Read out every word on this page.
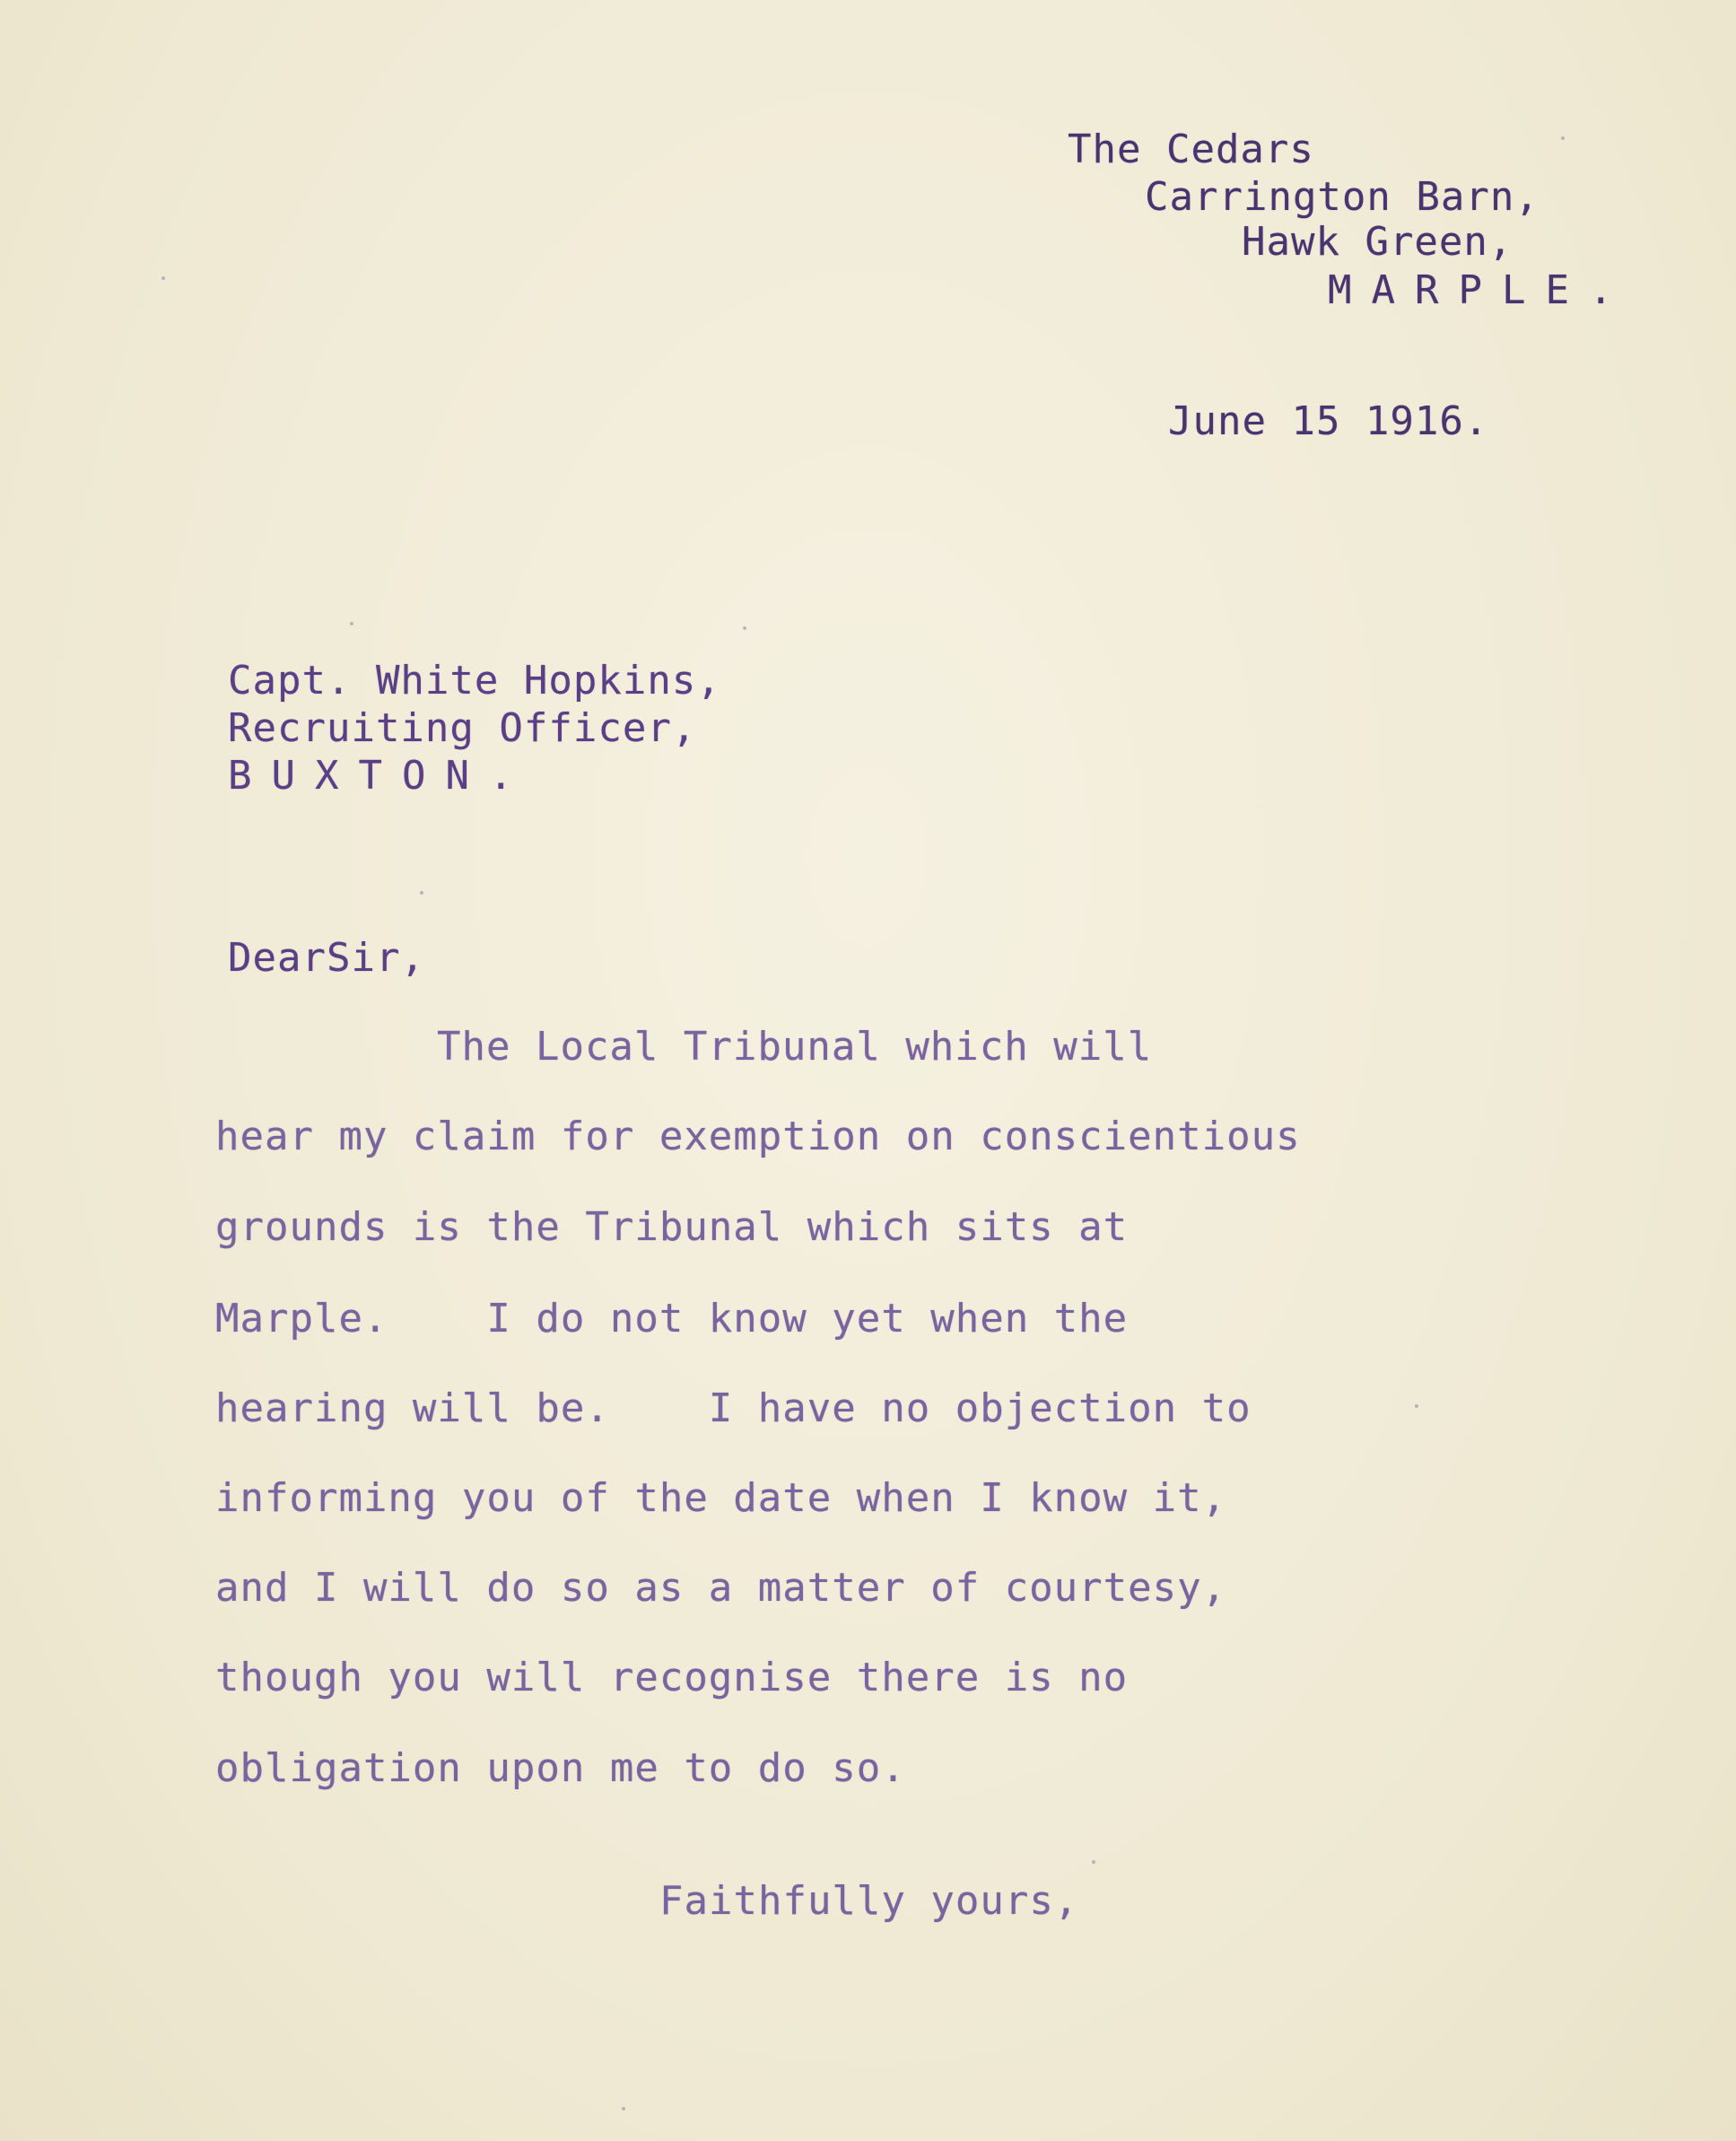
The Cedars

Carrington Barn,

Hawk Green,

MARPLE.

June 15 1916.

Capt. White Hopkins,

Recruiting Officer,

BUXTON.

DearSir,

The Local Tribunal which will

hear my claim for exemption on conscientious

grounds is the Tribunal which sits at

Marple.    I do not know yet when the

hearing will be.    I have no objection to

informing you of the date when I know it,

and I will do so as a matter of courtesy,

though you will recognise there is no

obligation upon me to do so.

Faithfully yours,
